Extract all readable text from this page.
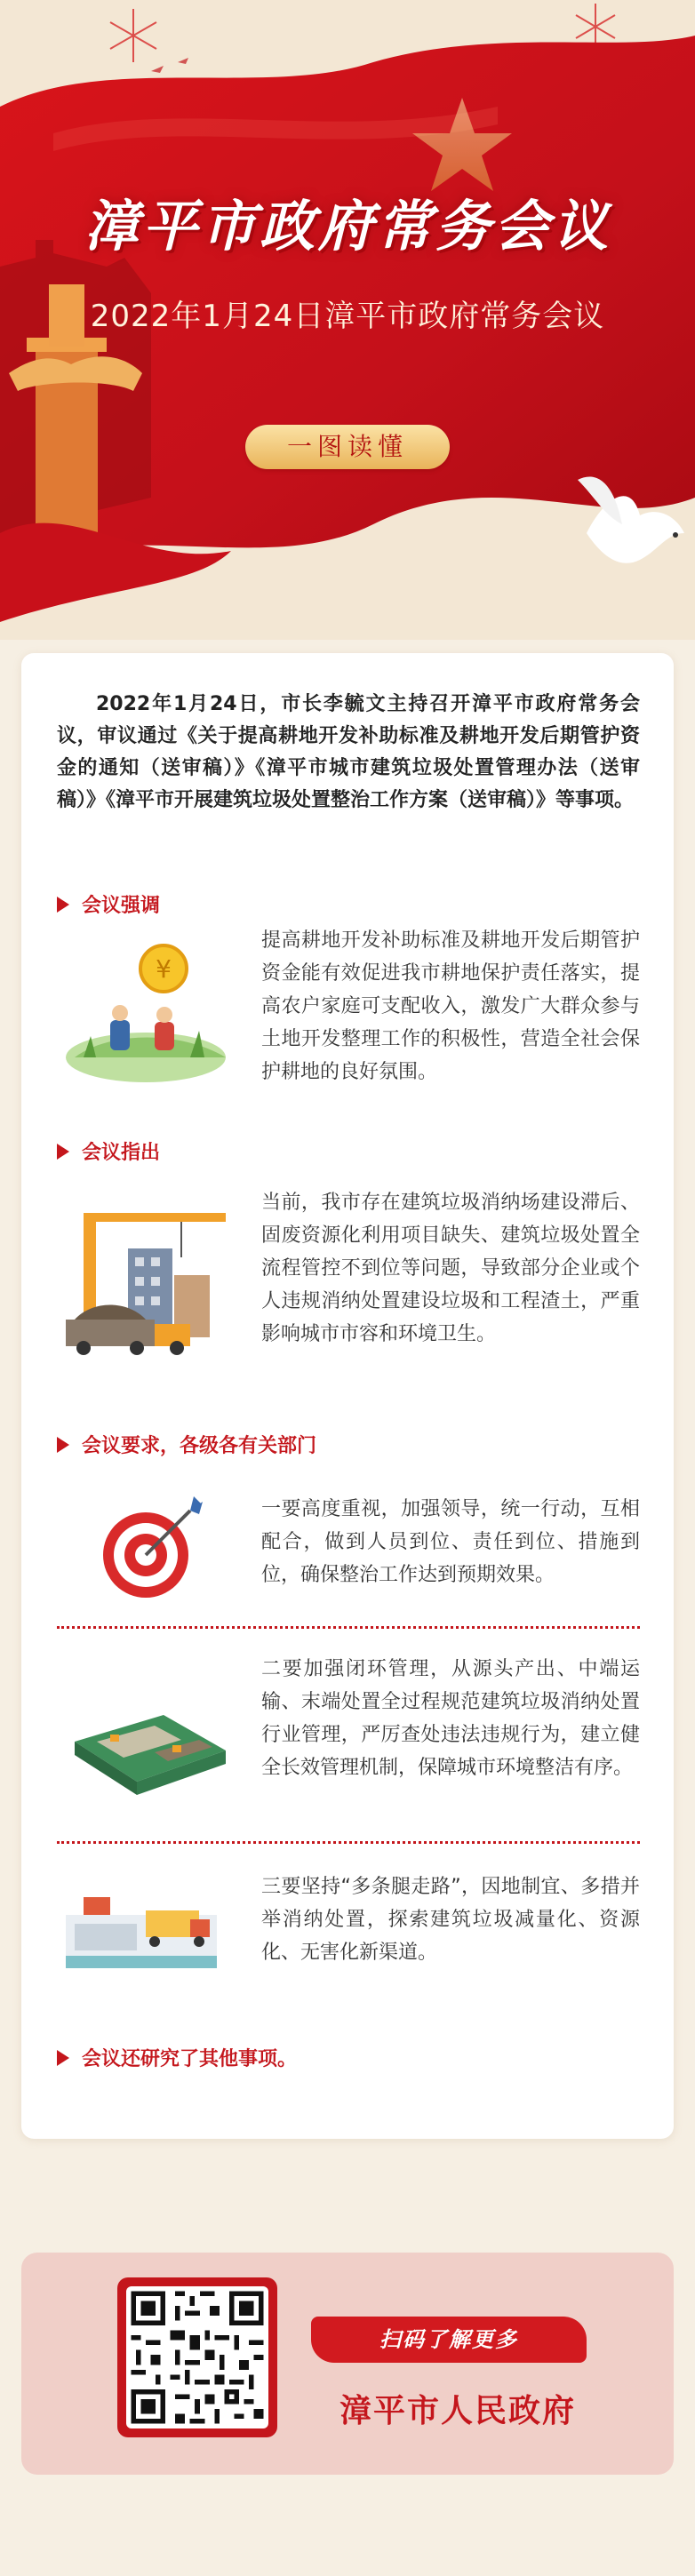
漳平市政府常务会议
2022年1月24日漳平市政府常务会议
一图读懂
2022年1月24日，市长李毓文主持召开漳平市政府常务会议，审议通过《关于提高耕地开发补助标准及耕地开发后期管护资金的通知（送审稿）》《漳平市城市建筑垃圾处置管理办法（送审稿）》《漳平市开展建筑垃圾处置整治工作方案（送审稿）》等事项。
会议强调
¥
提高耕地开发补助标准及耕地开发后期管护资金能有效促进我市耕地保护责任落实，提高农户家庭可支配收入，激发广大群众参与土地开发整理工作的积极性，营造全社会保护耕地的良好氛围。
会议指出
当前，我市存在建筑垃圾消纳场建设滞后、固废资源化利用项目缺失、建筑垃圾处置全流程管控不到位等问题，导致部分企业或个人违规消纳处置建设垃圾和工程渣土，严重影响城市市容和环境卫生。
会议要求，各级各有关部门
一要高度重视，加强领导，统一行动，互相配合，做到人员到位、责任到位、措施到位，确保整治工作达到预期效果。
二要加强闭环管理，从源头产出、中端运输、末端处置全过程规范建筑垃圾消纳处置行业管理，严厉查处违法违规行为，建立健全长效管理机制，保障城市环境整洁有序。
三要坚持“多条腿走路”，因地制宜、多措并举消纳处置，探索建筑垃圾减量化、资源化、无害化新渠道。
会议还研究了其他事项。
扫码了解更多
漳平市人民政府
